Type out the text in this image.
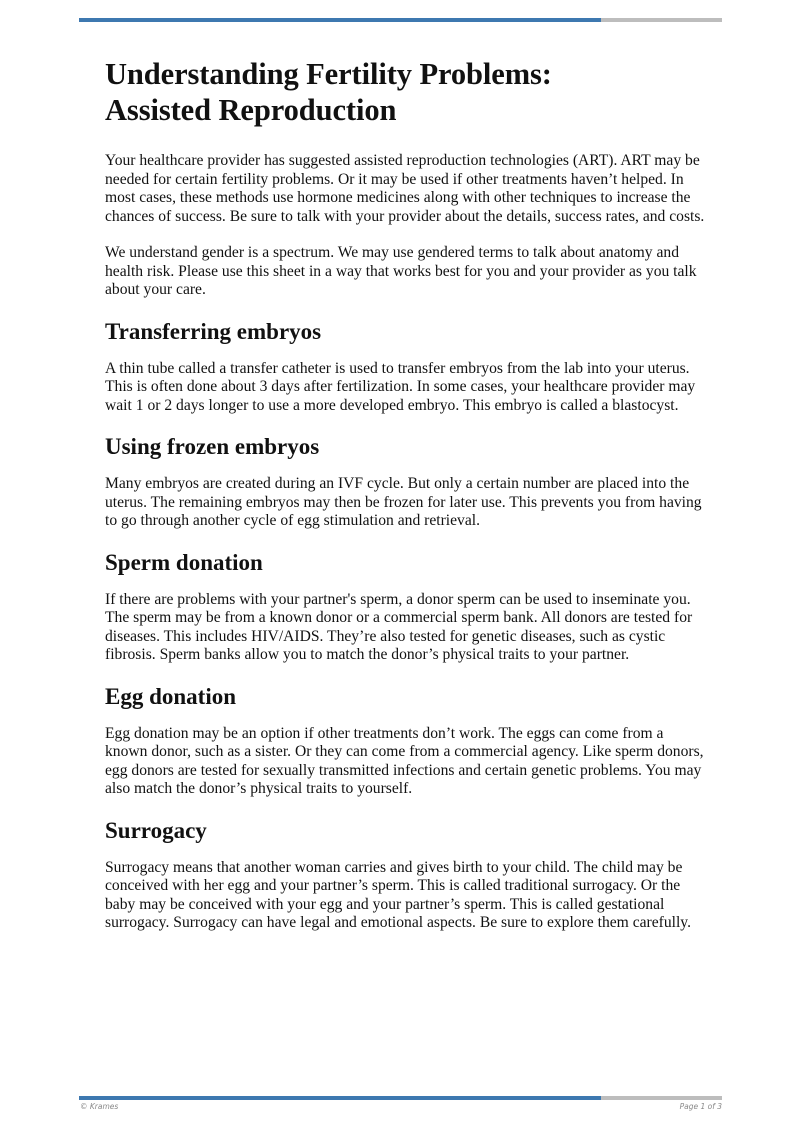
Understanding Fertility Problems:
Assisted Reproduction

Your healthcare provider has suggested assisted reproduction technologies (ART). ART may be needed for certain fertility problems. Or it may be used if other treatments haven’t helped. In most cases, these methods use hormone medicines along with other techniques to increase the chances of success. Be sure to talk with your provider about the details, success rates, and costs.

We understand gender is a spectrum. We may use gendered terms to talk about anatomy and health risk. Please use this sheet in a way that works best for you and your provider as you talk about your care.

Transferring embryos

A thin tube called a transfer catheter is used to transfer embryos from the lab into your uterus. This is often done about 3 days after fertilization. In some cases, your healthcare provider may wait 1 or 2 days longer to use a more developed embryo. This embryo is called a blastocyst.

Using frozen embryos

Many embryos are created during an IVF cycle. But only a certain number are placed into the uterus. The remaining embryos may then be frozen for later use. This prevents you from having to go through another cycle of egg stimulation and retrieval.

Sperm donation

If there are problems with your partner's sperm, a donor sperm can be used to inseminate you. The sperm may be from a known donor or a commercial sperm bank. All donors are tested for diseases. This includes HIV/AIDS. They’re also tested for genetic diseases, such as cystic fibrosis. Sperm banks allow you to match the donor’s physical traits to your partner.

Egg donation

Egg donation may be an option if other treatments don’t work. The eggs can come from a known donor, such as a sister. Or they can come from a commercial agency. Like sperm donors, egg donors are tested for sexually transmitted infections and certain genetic problems. You may also match the donor’s physical traits to yourself.

Surrogacy

Surrogacy means that another woman carries and gives birth to your child. The child may be conceived with her egg and your partner’s sperm. This is called traditional surrogacy. Or the baby may be conceived with your egg and your partner’s sperm. This is called gestational surrogacy. Surrogacy can have legal and emotional aspects. Be sure to explore them carefully.

© Krames	Page 1 of 3
